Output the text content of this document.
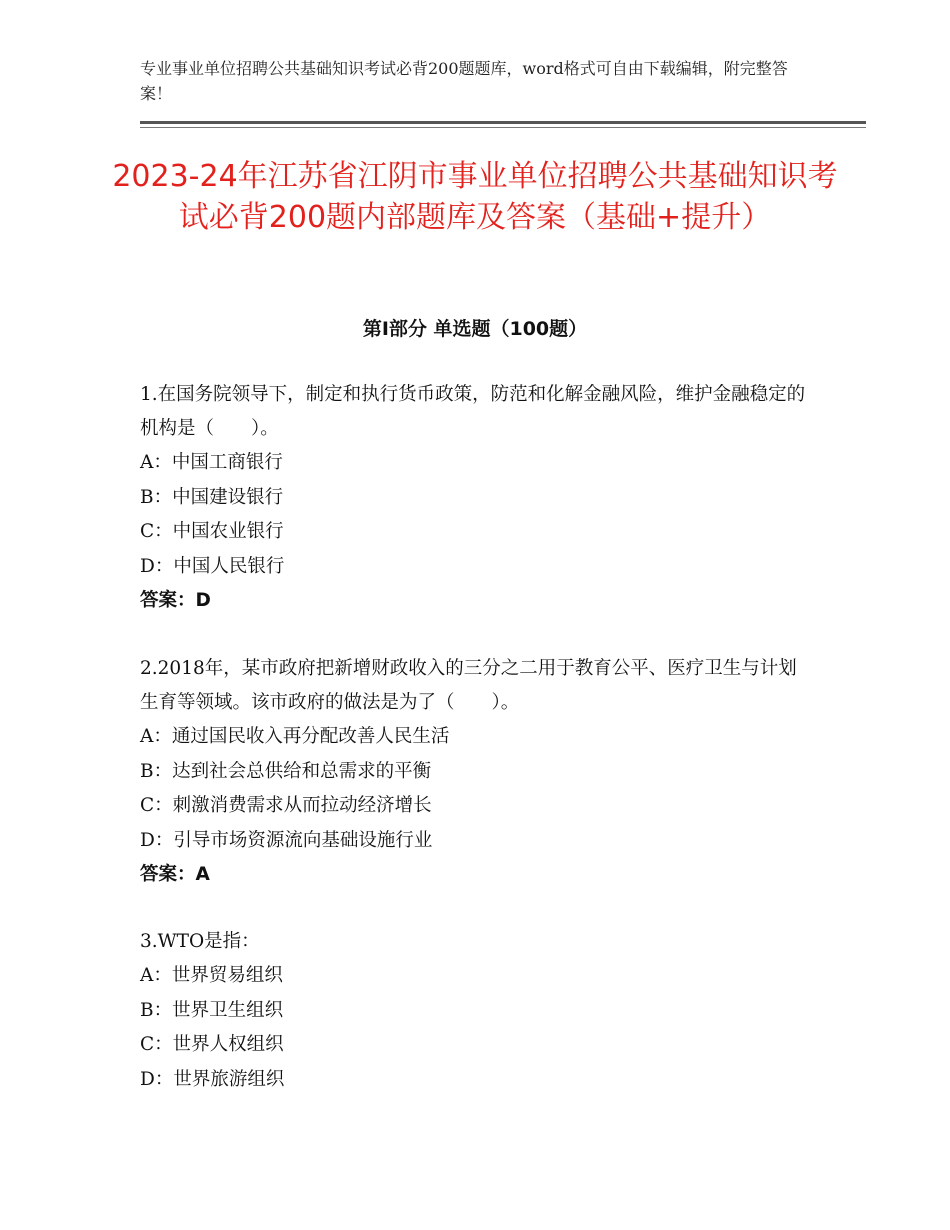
专业事业单位招聘公共基础知识考试必背200题题库，word格式可自由下载编辑，附完整答案！
2023-24年江苏省江阴市事业单位招聘公共基础知识考试必背200题内部题库及答案（基础+提升）
第Ⅰ部分 单选题（100题）

1.在国务院领导下，制定和执行货币政策，防范和化解金融风险，维护金融稳定的机构是（　　）。

A：中国工商银行

B：中国建设银行

C：中国农业银行

D：中国人民银行

答案：D

2.2018年，某市政府把新增财政收入的三分之二用于教育公平、医疗卫生与计划生育等领域。该市政府的做法是为了（　　）。

A：通过国民收入再分配改善人民生活

B：达到社会总供给和总需求的平衡

C：刺激消费需求从而拉动经济增长

D：引导市场资源流向基础设施行业

答案：A

3.WTO是指：

A：世界贸易组织

B：世界卫生组织

C：世界人权组织

D：世界旅游组织
